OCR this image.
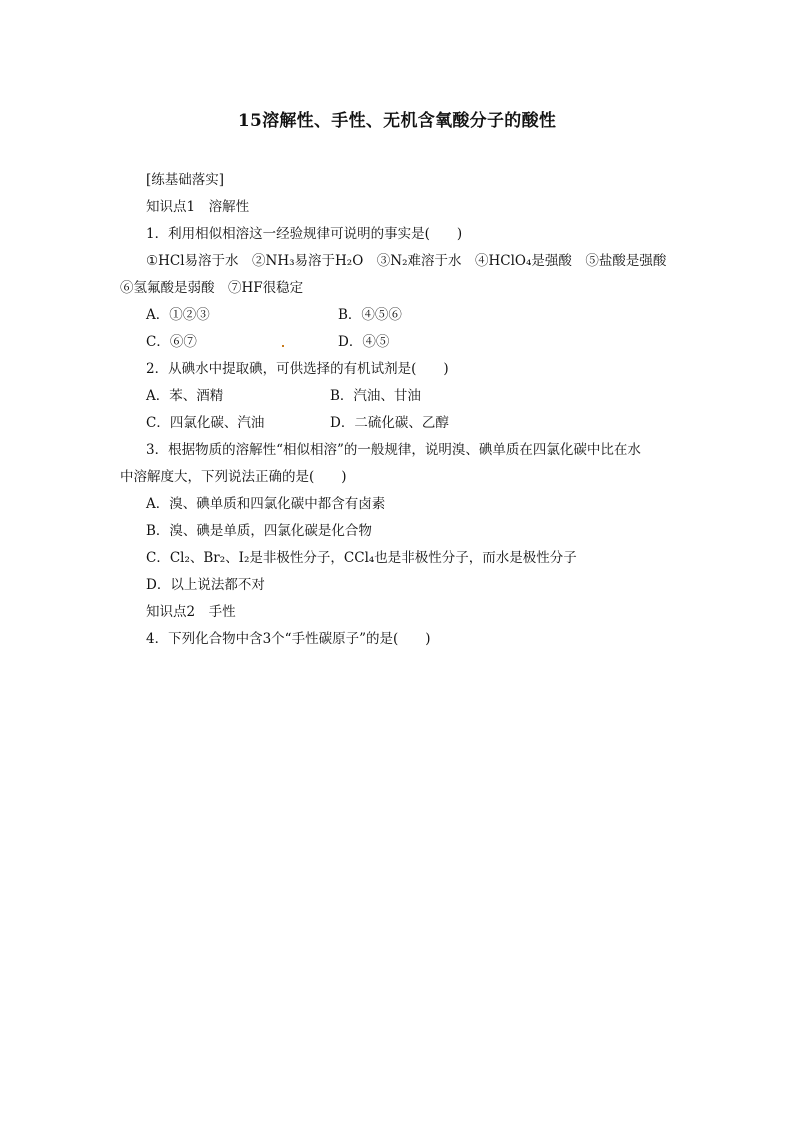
15溶解性、手性、无机含氧酸分子的酸性
[练基础落实]
知识点1　溶解性
1．利用相似相溶这一经验规律可说明的事实是(　　)
①HCl易溶于水　②NH₃易溶于H₂O　③N₂难溶于水　④HClO₄是强酸　⑤盐酸是强酸
⑥氢氟酸是弱酸　⑦HF很稳定
A．①②③	B．④⑤⑥
C．⑥⑦	D．④⑤
2．从碘水中提取碘，可供选择的有机试剂是(　　)
A．苯、酒精	B．汽油、甘油
C．四氯化碳、汽油	D．二硫化碳、乙醇
3．根据物质的溶解性“相似相溶”的一般规律，说明溴、碘单质在四氯化碳中比在水
中溶解度大，下列说法正确的是(　　)
A．溴、碘单质和四氯化碳中都含有卤素
B．溴、碘是单质，四氯化碳是化合物
C．Cl₂、Br₂、I₂是非极性分子，CCl₄也是非极性分子，而水是极性分子
D．以上说法都不对
知识点2　手性
4．下列化合物中含3个“手性碳原子”的是(　　)
